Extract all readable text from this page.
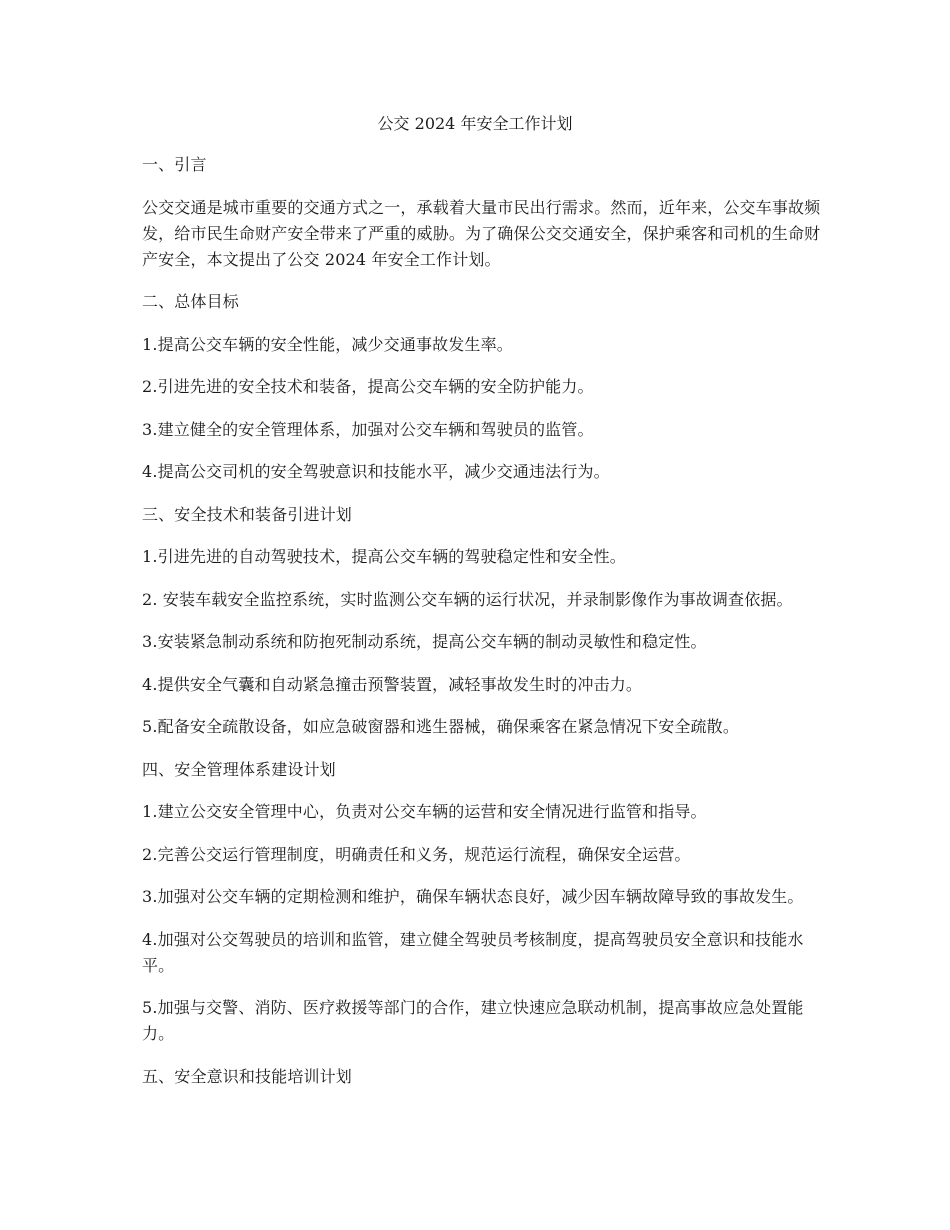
公交 2024 年安全工作计划

一、引言

公交交通是城市重要的交通方式之一，承载着大量市民出行需求。然而，近年来，公交车事故频发，给市民生命财产安全带来了严重的威胁。为了确保公交交通安全，保护乘客和司机的生命财产安全，本文提出了公交 2024 年安全工作计划。

二、总体目标

1.提高公交车辆的安全性能，减少交通事故发生率。

2.引进先进的安全技术和装备，提高公交车辆的安全防护能力。

3.建立健全的安全管理体系，加强对公交车辆和驾驶员的监管。

4.提高公交司机的安全驾驶意识和技能水平，减少交通违法行为。

三、安全技术和装备引进计划

1.引进先进的自动驾驶技术，提高公交车辆的驾驶稳定性和安全性。

2. 安装车载安全监控系统，实时监测公交车辆的运行状况，并录制影像作为事故调查依据。

3.安装紧急制动系统和防抱死制动系统，提高公交车辆的制动灵敏性和稳定性。

4.提供安全气囊和自动紧急撞击预警装置，减轻事故发生时的冲击力。

5.配备安全疏散设备，如应急破窗器和逃生器械，确保乘客在紧急情况下安全疏散。

四、安全管理体系建设计划

1.建立公交安全管理中心，负责对公交车辆的运营和安全情况进行监管和指导。

2.完善公交运行管理制度，明确责任和义务，规范运行流程，确保安全运营。

3.加强对公交车辆的定期检测和维护，确保车辆状态良好，减少因车辆故障导致的事故发生。

4.加强对公交驾驶员的培训和监管，建立健全驾驶员考核制度，提高驾驶员安全意识和技能水平。

5.加强与交警、消防、医疗救援等部门的合作，建立快速应急联动机制，提高事故应急处置能力。

五、安全意识和技能培训计划
